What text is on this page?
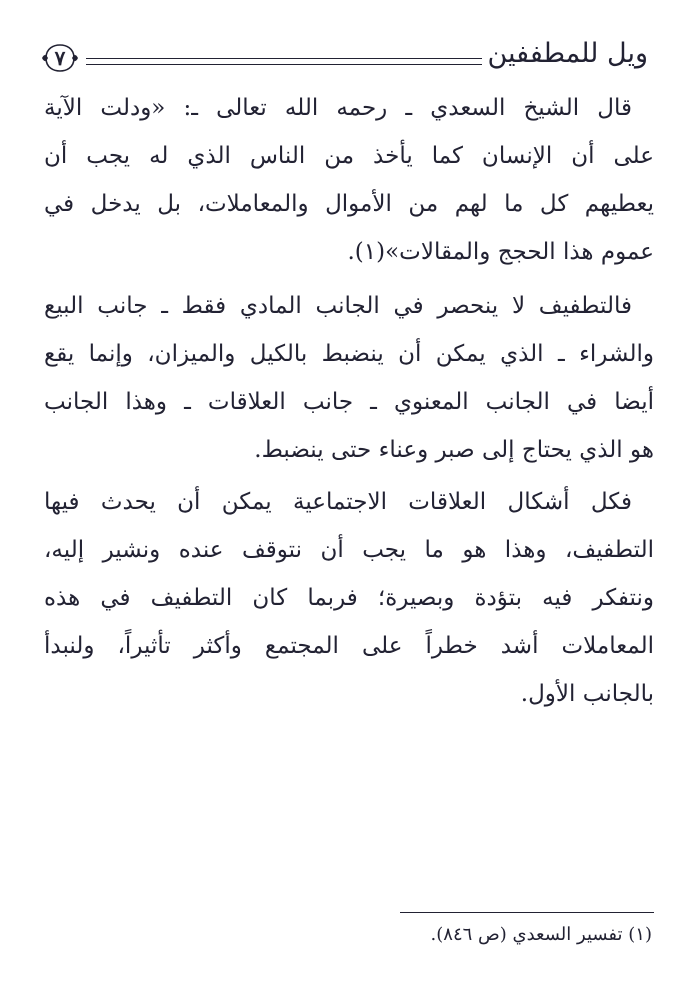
٧	ويل للمطففين
قال الشيخ السعدي ـ رحمه الله تعالى ـ: «ودلت الآية
على أن الإنسان كما يأخذ من الناس الذي له يجب أن
يعطيهم كل ما لهم من الأموال والمعاملات، بل يدخل في
عموم هذا الحجج والمقالات»(١).
فالتطفيف لا ينحصر في الجانب المادي فقط ـ جانب البيع
والشراء ـ الذي يمكن أن ينضبط بالكيل والميزان، وإنما يقع
أيضا في الجانب المعنوي ـ جانب العلاقات ـ وهذا الجانب
هو الذي يحتاج إلى صبر وعناء حتى ينضبط.
فكل أشكال العلاقات الاجتماعية يمكن أن يحدث فيها
التطفيف، وهذا هو ما يجب أن نتوقف عنده ونشير إليه،
ونتفكر فيه بتؤدة وبصيرة؛ فربما كان التطفيف في هذه
المعاملات أشد خطراً على المجتمع وأكثر تأثيراً، ولنبدأ
بالجانب الأول.
(١) تفسير السعدي (ص ٨٤٦).
